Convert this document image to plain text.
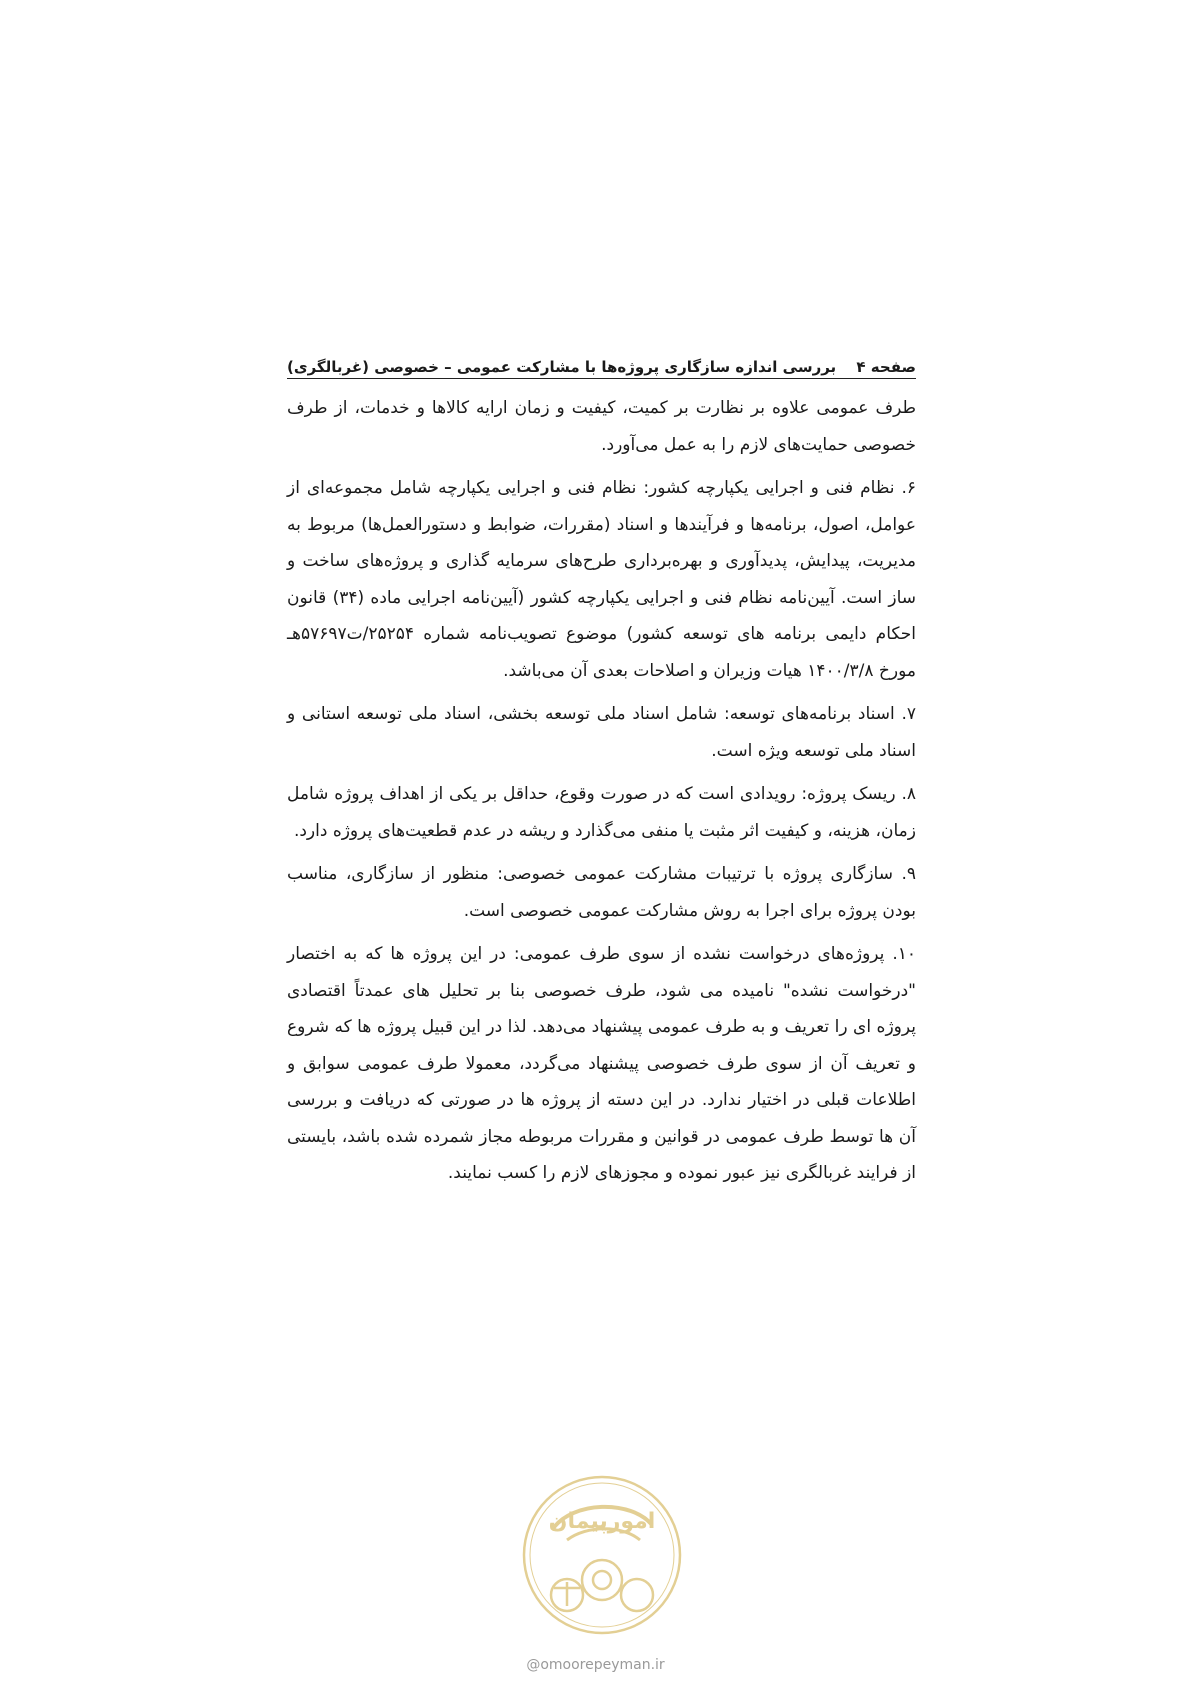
صفحه ۴
بررسی اندازه سازگاری پروژه‌ها با مشارکت عمومی – خصوصی (غربالگری)

طرف عمومی علاوه بر نظارت بر کمیت، کیفیت و زمان ارایه کالاها و خدمات، از طرف خصوصی حمایت‌های لازم را به عمل می‌آورد.

۶. نظام فنی و اجرایی یکپارچه کشور: نظام فنی و اجرایی یکپارچه شامل مجموعه‌ای از عوامل، اصول، برنامه‌ها و فرآیندها و اسناد (مقررات، ضوابط و دستورالعمل‌ها) مربوط به مدیریت، پیدایش، پدیدآوری و بهره‌برداری طرح‌های سرمایه گذاری و پروژه‌های ساخت و ساز است. آیین‌نامه نظام فنی و اجرایی یکپارچه کشور (آیین‌نامه اجرایی ماده (۳۴) قانون احکام دایمی برنامه های توسعه کشور) موضوع تصویب‌نامه شماره ۲۵۲۵۴/ت۵۷۶۹۷هـ مورخ ۱۴۰۰/۳/۸ هیات وزیران و اصلاحات بعدی آن می‌باشد.

۷. اسناد برنامه‌های توسعه: شامل اسناد ملی توسعه بخشی، اسناد ملی توسعه استانی و اسناد ملی توسعه ویژه است.

۸. ریسک پروژه: رویدادی است که در صورت وقوع، حداقل بر یکی از اهداف پروژه شامل زمان، هزینه، و کیفیت اثر مثبت یا منفی می‌گذارد و ریشه در عدم قطعیت‌های پروژه دارد.

۹. سازگاری پروژه با ترتیبات مشارکت عمومی خصوصی: منظور از سازگاری، مناسب بودن پروژه برای اجرا به روش مشارکت عمومی خصوصی است.

۱۰. پروژه‌های درخواست نشده از سوی طرف عمومی: در این پروژه ها که به اختصار "درخواست نشده" نامیده می شود، طرف خصوصی بنا بر تحلیل های عمدتاً اقتصادی پروژه ای را تعریف و به طرف عمومی پیشنهاد می‌دهد. لذا در این قبیل پروژه ها که شروع و تعریف آن از سوی طرف خصوصی پیشنهاد می‌گردد، معمولا طرف عمومی سوابق و اطلاعات قبلی در اختیار ندارد. در این دسته از پروژه ها در صورتی که دریافت و بررسی آن ها توسط طرف عمومی در قوانین و مقررات مربوطه مجاز شمرده شده باشد، بایستی از فرایند غربالگری نیز عبور نموده و مجوزهای لازم را کسب نمایند.

امورپیمان
@omoorepeyman.ir
